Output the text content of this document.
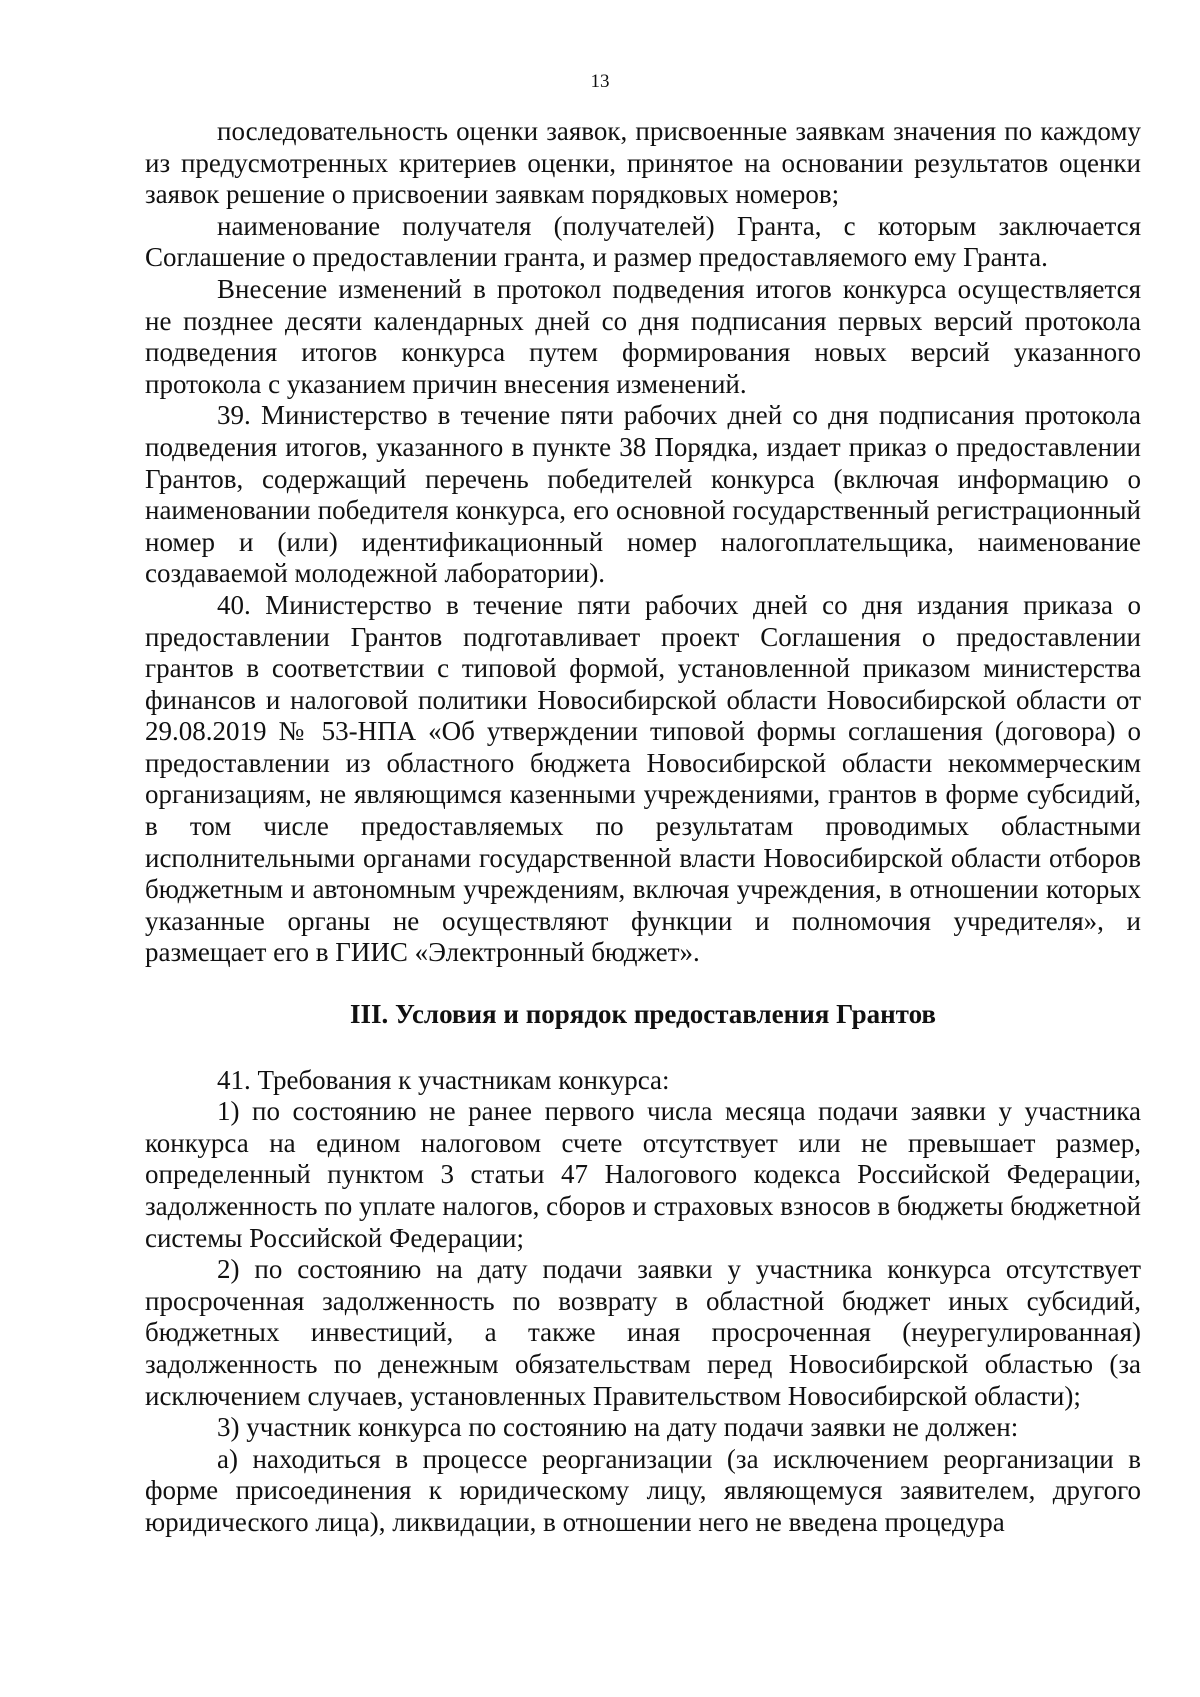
13

последовательность оценки заявок, присвоенные заявкам значения по каждому из предусмотренных критериев оценки, принятое на основании результатов оценки заявок решение о присвоении заявкам порядковых номеров;

наименование получателя (получателей) Гранта, с которым заключается Соглашение о предоставлении гранта, и размер предоставляемого ему Гранта.

Внесение изменений в протокол подведения итогов конкурса осуществляется не позднее десяти календарных дней со дня подписания первых версий протокола подведения итогов конкурса путем формирования новых версий указанного протокола с указанием причин внесения изменений.

39. Министерство в течение пяти рабочих дней со дня подписания протокола подведения итогов, указанного в пункте 38 Порядка, издает приказ о предоставлении Грантов, содержащий перечень победителей конкурса (включая информацию о наименовании победителя конкурса, его основной государственный регистрационный номер и (или) идентификационный номер налогоплательщика, наименование создаваемой молодежной лаборатории).

40. Министерство в течение пяти рабочих дней со дня издания приказа о предоставлении Грантов подготавливает проект Соглашения о предоставлении грантов в соответствии с типовой формой, установленной приказом министерства финансов и налоговой политики Новосибирской области Новосибирской области от 29.08.2019 № 53-НПА «Об утверждении типовой формы соглашения (договора) о предоставлении из областного бюджета Новосибирской области некоммерческим организациям, не являющимся казенными учреждениями, грантов в форме субсидий, в том числе предоставляемых по результатам проводимых областными исполнительными органами государственной власти Новосибирской области отборов бюджетным и автономным учреждениям, включая учреждения, в отношении которых указанные органы не осуществляют функции и полномочия учредителя», и размещает его в ГИИС «Электронный бюджет».

III. Условия и порядок предоставления Грантов

41. Требования к участникам конкурса:

1) по состоянию не ранее первого числа месяца подачи заявки у участника конкурса на едином налоговом счете отсутствует или не превышает размер, определенный пунктом 3 статьи 47 Налогового кодекса Российской Федерации, задолженность по уплате налогов, сборов и страховых взносов в бюджеты бюджетной системы Российской Федерации;

2) по состоянию на дату подачи заявки у участника конкурса отсутствует просроченная задолженность по возврату в областной бюджет иных субсидий, бюджетных инвестиций, а также иная просроченная (неурегулированная) задолженность по денежным обязательствам перед Новосибирской областью (за исключением случаев, установленных Правительством Новосибирской области);

3) участник конкурса по состоянию на дату подачи заявки не должен:

а) находиться в процессе реорганизации (за исключением реорганизации в форме присоединения к юридическому лицу, являющемуся заявителем, другого юридического лица), ликвидации, в отношении него не введена процедура
